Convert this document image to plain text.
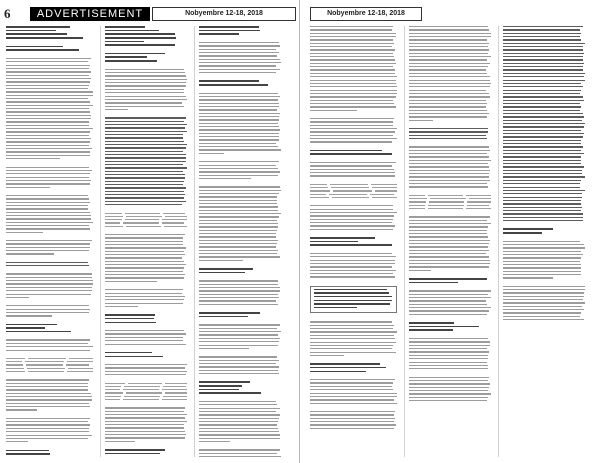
6	ADVERTISEMENT	Nobyembre 12-18, 2018	Nobyembre 12-18, 2018
